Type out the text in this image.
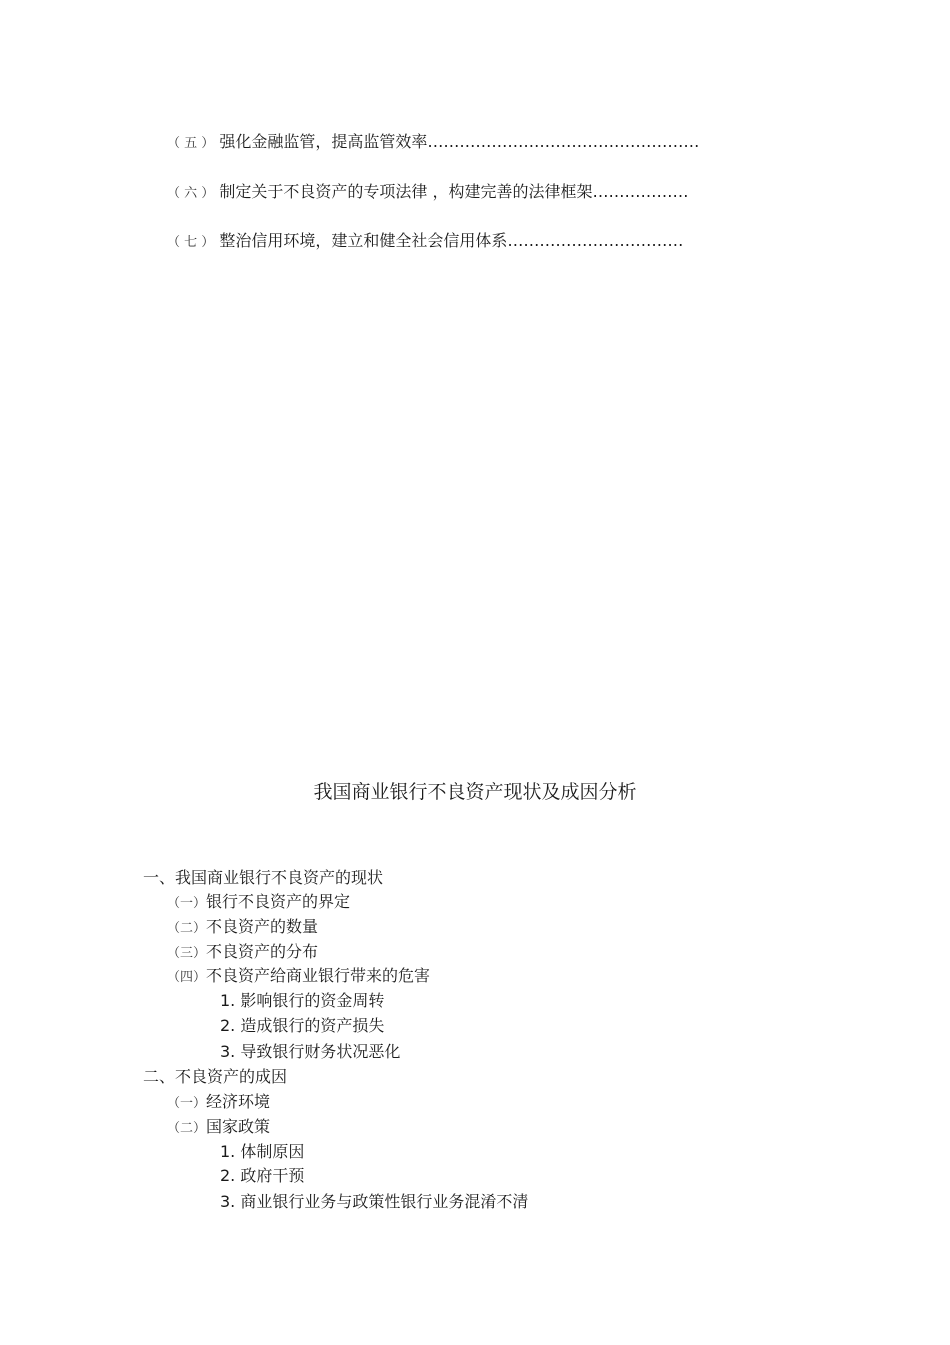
（ 五 ） 强化金融监管，提高监管效率……………………………………………
（ 六 ） 制定关于不良资产的专项法律 ，构建完善的法律框架………………
（ 七 ） 整治信用环境，建立和健全社会信用体系……………………………
我国商业银行不良资产现状及成因分析
一、我国商业银行不良资产的现状
（一）银行不良资产的界定
（二）不良资产的数量
（三）不良资产的分布
（四）不良资产给商业银行带来的危害
1. 影响银行的资金周转
2. 造成银行的资产损失
3. 导致银行财务状况恶化
二、不良资产的成因
（一）经济环境
（二）国家政策
1. 体制原因
2. 政府干预
3. 商业银行业务与政策性银行业务混淆不清
